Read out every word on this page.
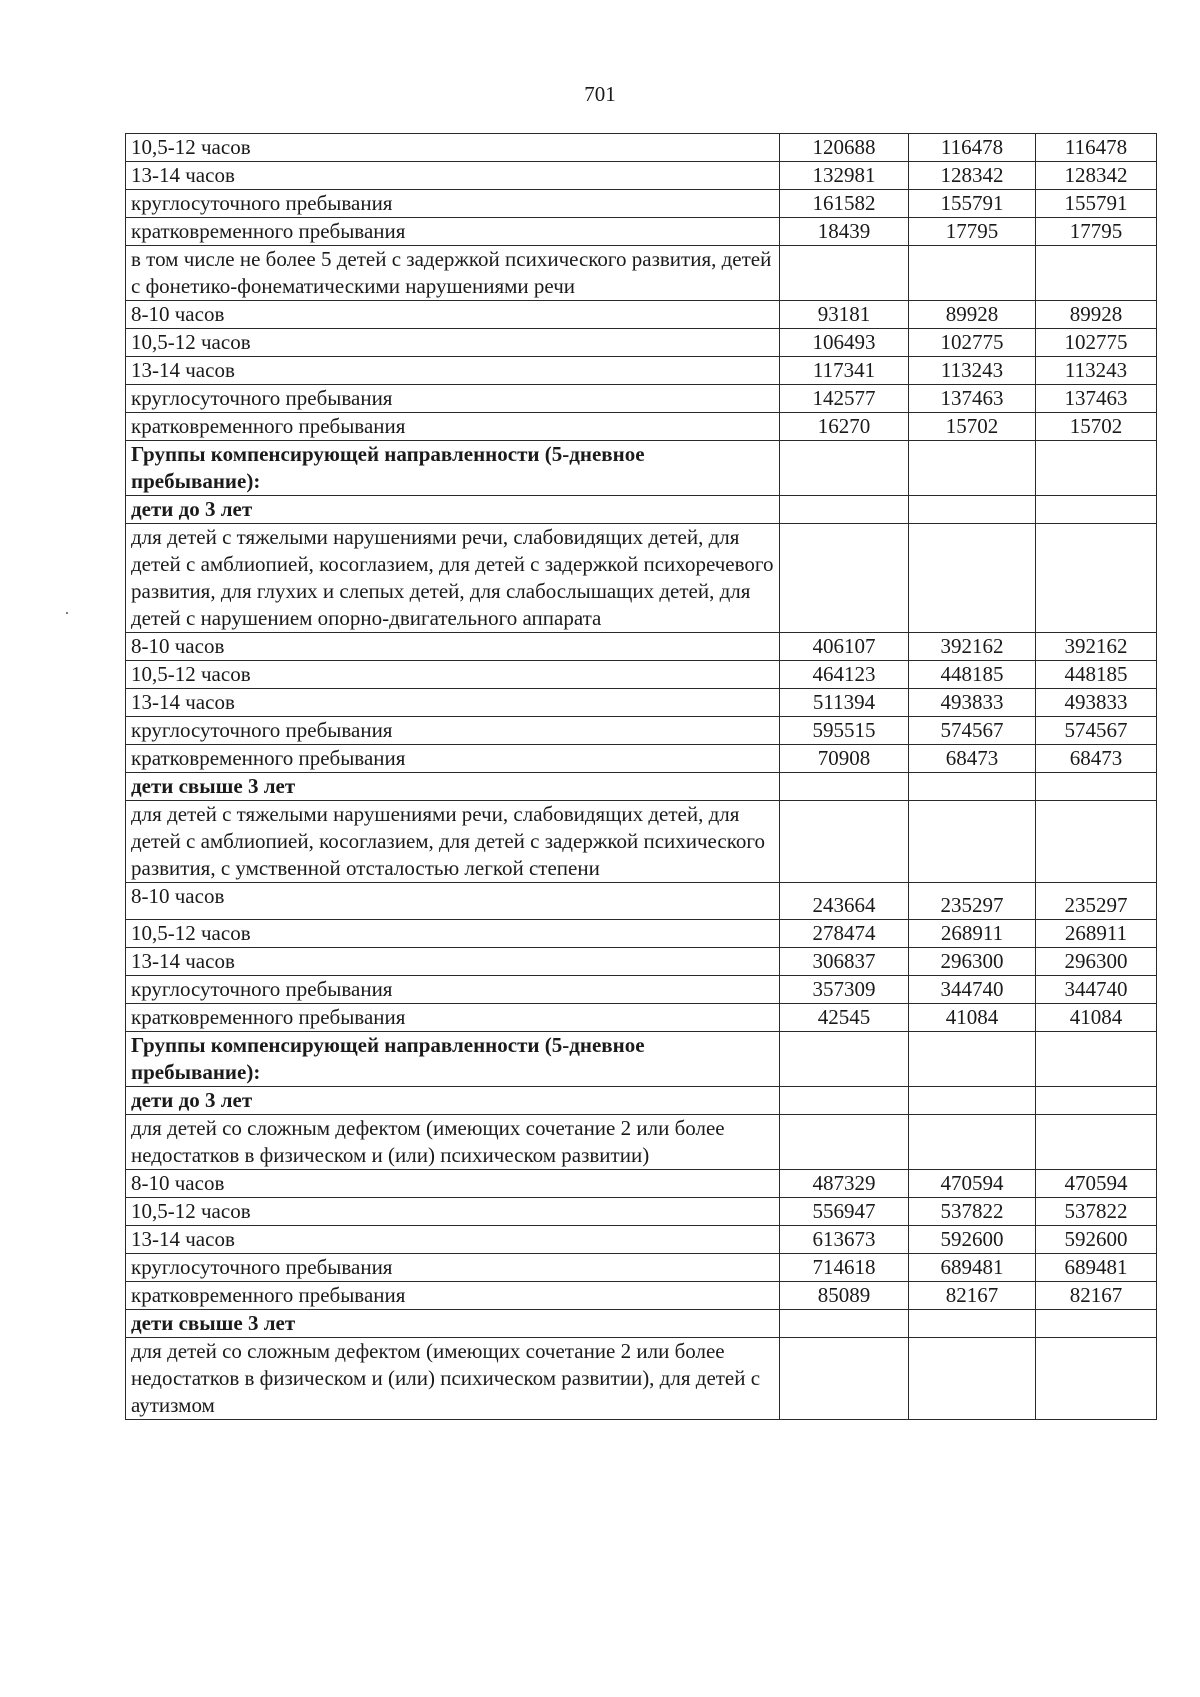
701
10,5-12 часов	120688	116478	116478
13-14 часов	132981	128342	128342
круглосуточного пребывания	161582	155791	155791
кратковременного пребывания	18439	17795	17795
в том числе не более 5 детей с задержкой психического развития, детей с фонетико-фонематическими нарушениями речи			
8-10 часов	93181	89928	89928
10,5-12 часов	106493	102775	102775
13-14 часов	117341	113243	113243
круглосуточного пребывания	142577	137463	137463
кратковременного пребывания	16270	15702	15702
Группы компенсирующей направленности (5-дневное пребывание):			
дети до 3 лет			
для детей с тяжелыми нарушениями речи, слабовидящих детей, для детей с амблиопией, косоглазием, для детей с задержкой психоречевого развития, для глухих и слепых детей, для слабослышащих детей, для детей с нарушением опорно-двигательного аппарата			
8-10 часов	406107	392162	392162
10,5-12 часов	464123	448185	448185
13-14 часов	511394	493833	493833
круглосуточного пребывания	595515	574567	574567
кратковременного пребывания	70908	68473	68473
дети свыше 3 лет			
для детей с тяжелыми нарушениями речи, слабовидящих детей, для детей с амблиопией, косоглазием, для детей с задержкой психического развития, с умственной отсталостью легкой степени			
8-10 часов	243664	235297	235297
10,5-12 часов	278474	268911	268911
13-14 часов	306837	296300	296300
круглосуточного пребывания	357309	344740	344740
кратковременного пребывания	42545	41084	41084
Группы компенсирующей направленности (5-дневное пребывание):			
дети до 3 лет			
для детей со сложным дефектом (имеющих сочетание 2 или более недостатков в физическом и (или) психическом развитии)			
8-10 часов	487329	470594	470594
10,5-12 часов	556947	537822	537822
13-14 часов	613673	592600	592600
круглосуточного пребывания	714618	689481	689481
кратковременного пребывания	85089	82167	82167
дети свыше 3 лет			
для детей со сложным дефектом (имеющих сочетание 2 или более недостатков в физическом и (или) психическом развитии), для детей с аутизмом			
